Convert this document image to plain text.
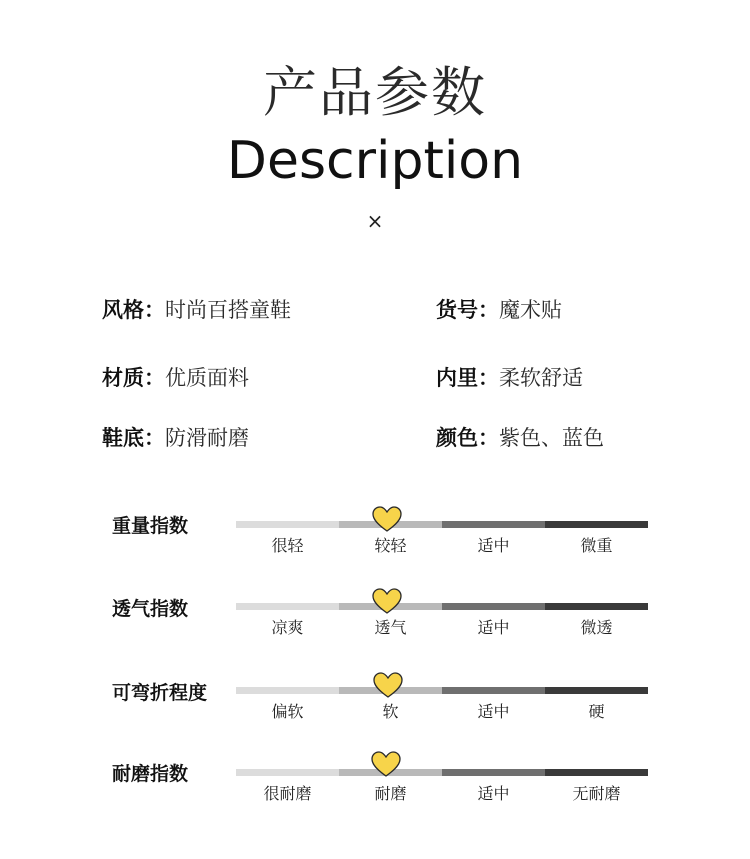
产品参数
Description
×
风格：时尚百搭童鞋	货号：魔术贴
材质：优质面料	内里：柔软舒适
鞋底：防滑耐磨	颜色：紫色、蓝色
重量指数
很轻	较轻	适中	微重
透气指数
凉爽	透气	适中	微透
可弯折程度
偏软	软	适中	硬
耐磨指数
很耐磨	耐磨	适中	无耐磨
